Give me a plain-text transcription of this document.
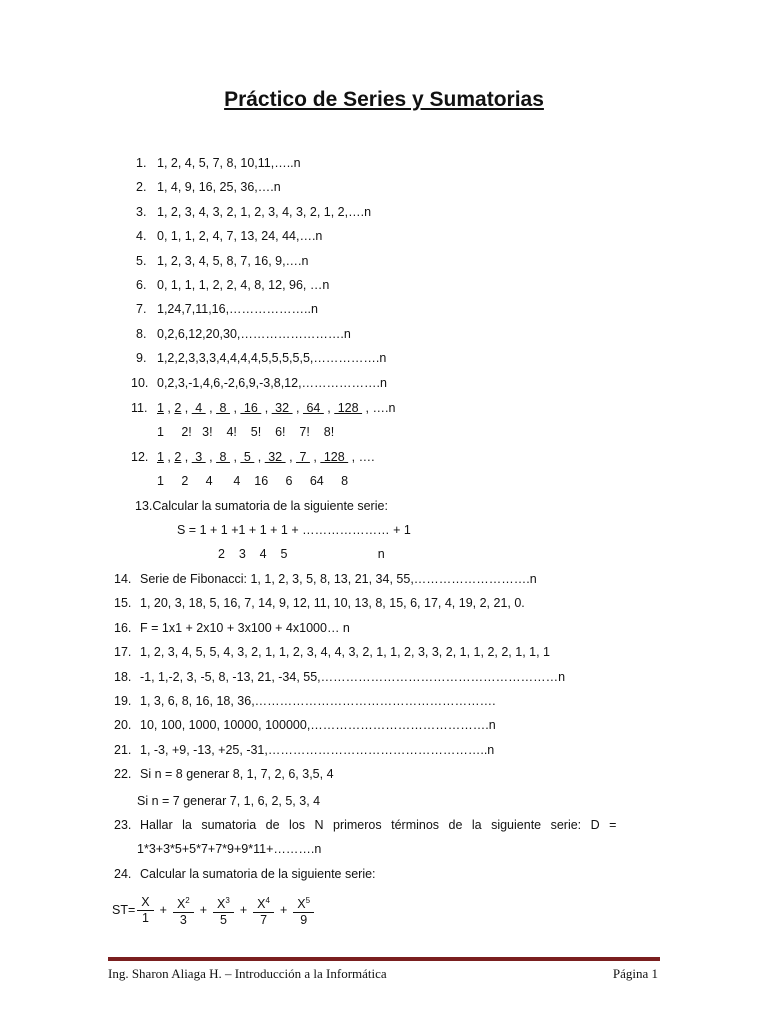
Práctico de Series y Sumatorias
1. 1, 2, 4, 5, 7, 8, 10,11,…..n
2. 1, 4, 9, 16, 25, 36,….n
3. 1, 2, 3, 4, 3, 2, 1, 2, 3, 4, 3, 2, 1, 2,….n
4. 0, 1, 1, 2, 4, 7, 13, 24, 44,….n
5. 1, 2, 3, 4, 5, 8, 7, 16, 9,….n
6. 0, 1, 1, 1, 2, 2, 4, 8, 12, 96, …n
7. 1,24,7,11,16,………………..n
8. 0,2,6,12,20,30,…………………….n
9. 1,2,2,3,3,3,4,4,4,4,5,5,5,5,5,…………….n
10. 0,2,3,-1,4,6,-2,6,9,-3,8,12,……………….n
11. 1 , 2 ,  4  ,  8  ,  16  ,  32  ,  64  ,  128  , ….n
1     2!   3!    4!    5!    6!    7!    8!
12. 1 , 2 ,  3  ,  8  ,  5  ,  32  ,  7  ,  128  , ….
1     2     4      4    16     6     64     8
13.Calcular la sumatoria de la siguiente serie:
S = 1 + 1 +1 + 1 + 1 + ………………… + 1
2    3    4    5                          n
14. Serie de Fibonacci: 1, 1, 2, 3, 5, 8, 13, 21, 34, 55,……………………….n
15. 1, 20, 3, 18, 5, 16, 7, 14, 9, 12, 11, 10, 13, 8, 15, 6, 17, 4, 19, 2, 21, 0.
16. F = 1x1 + 2x10 + 3x100 + 4x1000… n
17. 1, 2, 3, 4, 5, 5, 4, 3, 2, 1, 1, 2, 3, 4, 4, 3, 2, 1, 1, 2, 3, 3, 2, 1, 1, 2, 2, 1, 1, 1
18. -1, 1,-2, 3, -5, 8, -13, 21, -34, 55,…………………………………………………n
19. 1, 3, 6, 8, 16, 18, 36,………………………………………………….
20. 10, 100, 1000, 10000, 100000,…………………………………….n
21. 1, -3, +9, -13, +25, -31,……………………………………………..n
22. Si n = 8 generar 8, 1, 7, 2, 6, 3,5, 4
Si n = 7 generar 7, 1, 6, 2, 5, 3, 4
23. Hallar la sumatoria de los N primeros términos de la siguiente serie: D =
1*3+3*5+5*7+7*9+9*11+……….n
24. Calcular la sumatoria de la siguiente serie:
$ST= \frac{X}{1} + \frac{X^2}{3} + \frac{X^3}{5} + \frac{X^4}{7} + \frac{X^5}{9}$
Ing. Sharon Aliaga H. – Introducción a la Informática	Página 1
